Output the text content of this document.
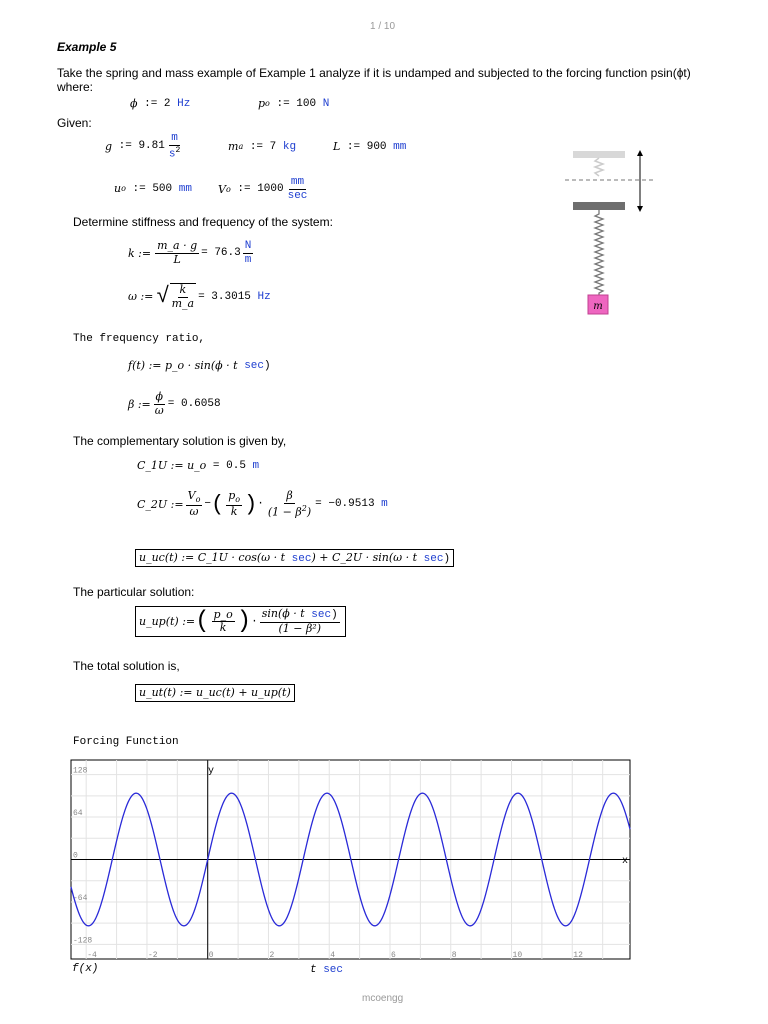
1 / 10
Example 5
Take the spring and mass example of Example 1 analyze if it is undamped and subjected to the forcing function psin(ϕt) where:
ϕ
:= 2
Hz	p o
:= 100
N
Given:
g
:= $9.81 \frac{m}{s^2}$	m a
:= 7
kg	L
:= 900
mm
u o
:= 500
mm V o
:= $1000 \frac{mm}{\sec}$
m
Determine stiffness and frequency of the system:
k := $\frac{m\_a \cdot g}{L} = 76.3 \frac{N}{m}$
ω := √ $\frac{k}{m\_a} = 3.3015$
Hz
The frequency ratio,
f(t) := p_o · sin(ϕ · t
sec )
β := $\frac{\phi}{\omega} = 0.6058$
The complementary solution is given by,
C_1U := u_o
= 0.5
m
C_2U := $\frac{V_o}{\omega}$ − ( $\frac{p_o}{k}$ ) · $\frac{\beta}{(1 - \beta^2)} = -0.9513$
m
u_uc(t) := C_1U · cos(ω · t sec) + C_2U · sin(ω · t sec)
The particular solution:
u_up(t) := ( $\frac{p\_o}{k}$ ) · $\frac{\text{sin(ϕ · t sec)}}{\text{(1 − β²)}}$
The total solution is,
u_ut(t) := u_uc(t) + u_up(t)
Forcing Function
-4	-2	0	2	4	6	8	10	12
128
64
0
-64
-128
f(x)	t sec
x
y
mcoengg
